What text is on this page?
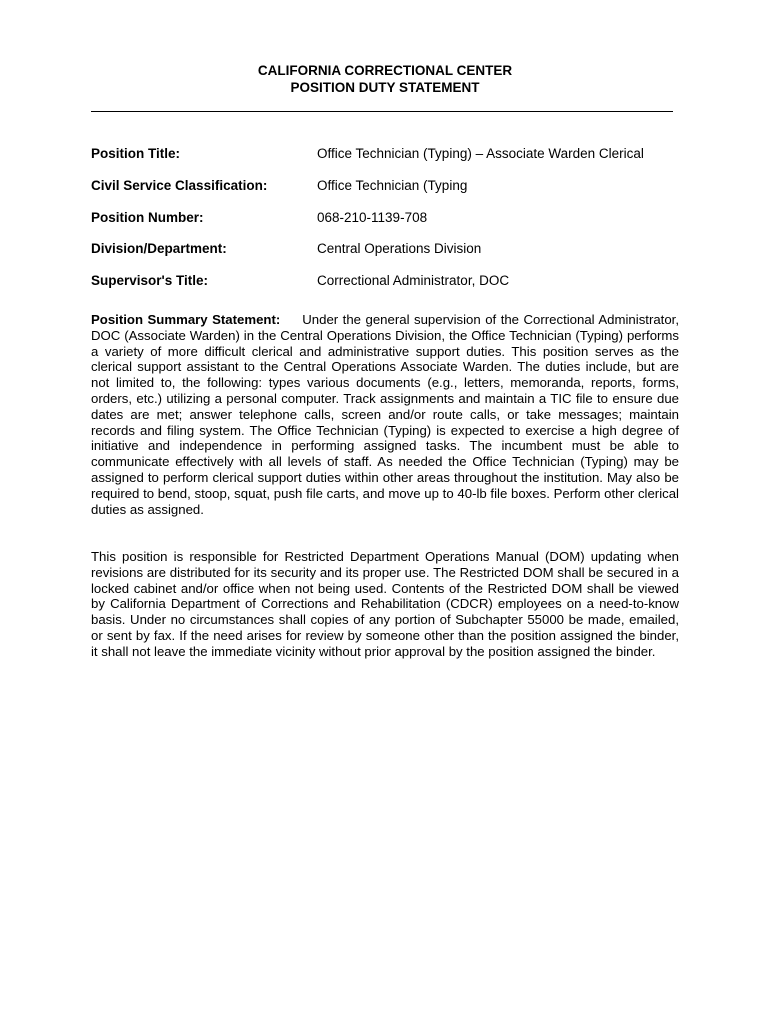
CALIFORNIA CORRECTIONAL CENTER
POSITION DUTY STATEMENT
Position Title:	Office Technician (Typing) – Associate Warden Clerical
Civil Service Classification:	Office Technician (Typing
Position Number:	068-210-1139-708
Division/Department:	Central Operations Division
Supervisor's Title:	Correctional Administrator, DOC
Position Summary Statement: Under the general supervision of the Correctional Administrator, DOC (Associate Warden) in the Central Operations Division, the Office Technician (Typing) performs a variety of more difficult clerical and administrative support duties. This position serves as the clerical support assistant to the Central Operations Associate Warden. The duties include, but are not limited to, the following: types various documents (e.g., letters, memoranda, reports, forms, orders, etc.) utilizing a personal computer. Track assignments and maintain a TIC file to ensure due dates are met; answer telephone calls, screen and/or route calls, or take messages; maintain records and filing system. The Office Technician (Typing) is expected to exercise a high degree of initiative and independence in performing assigned tasks. The incumbent must be able to communicate effectively with all levels of staff. As needed the Office Technician (Typing) may be assigned to perform clerical support duties within other areas throughout the institution. May also be required to bend, stoop, squat, push file carts, and move up to 40-lb file boxes. Perform other clerical duties as assigned.
This position is responsible for Restricted Department Operations Manual (DOM) updating when revisions are distributed for its security and its proper use. The Restricted DOM shall be secured in a locked cabinet and/or office when not being used. Contents of the Restricted DOM shall be viewed by California Department of Corrections and Rehabilitation (CDCR) employees on a need-to-know basis. Under no circumstances shall copies of any portion of Subchapter 55000 be made, emailed, or sent by fax. If the need arises for review by someone other than the position assigned the binder, it shall not leave the immediate vicinity without prior approval by the position assigned the binder.
